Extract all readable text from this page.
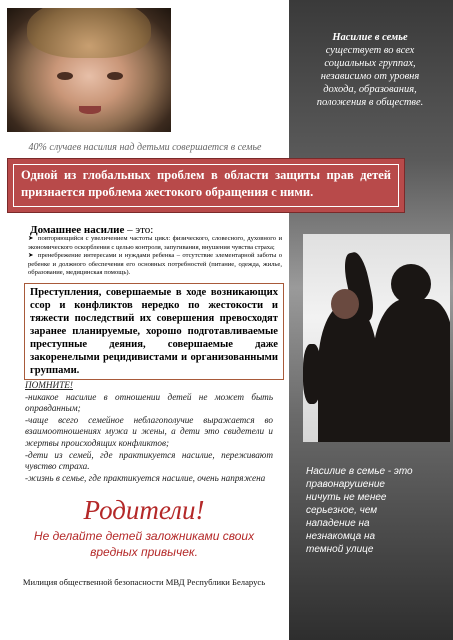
Насилие в семье
существует во всех
социальных группах,
независимо от уровня
дохода, образования,
положения в обществе.
40% случаев насилия над детьми совершается в семье
Одной из глобальных проблем в области защиты прав детей признается проблема жестокого обращения с ними.
Домашнее насилие – это:
➤ повторяющийся с увеличением частоты цикл: физического, словесного, духовного и экономического оскорбления с целью контроля, запугивания, внушения чувства страха;
➤ пренебрежение интересами и нуждами ребенка – отсутствие элементарной заботы о ребенке и должного обеспечения его основных потребностей (питание, одежда, жилье, образование, медицинская помощь).
Преступления, совершаемые в ходе возникающих ссор и конфликтов нередко по жестокости и тяжести последствий их совершения превосходят заранее планируемые, хорошо подготавливаемые преступные деяния, совершаемые даже закоренелыми рецидивистами и организованными группами.

ПОМНИТЕ!

-никакое насилие в отношении детей не может быть оправданным;

-чаще всего семейное неблагополучие выражается во взаимоотношениях мужа и жены, а дети это свидетели и жертвы происходящих конфликтов;

-дети из семей, где практикуется насилие, переживают чувство страха.

-жизнь в семье, где практикуется насилие, очень напряжена

Насилие в семье - это
правонарушение
ничуть не менее
серьезное, чем
нападение на
незнакомца на
темной улице
Родители!
Не делайте детей заложниками своих вредных привычек.
Милиция общественной безопасности МВД Республики Беларусь
